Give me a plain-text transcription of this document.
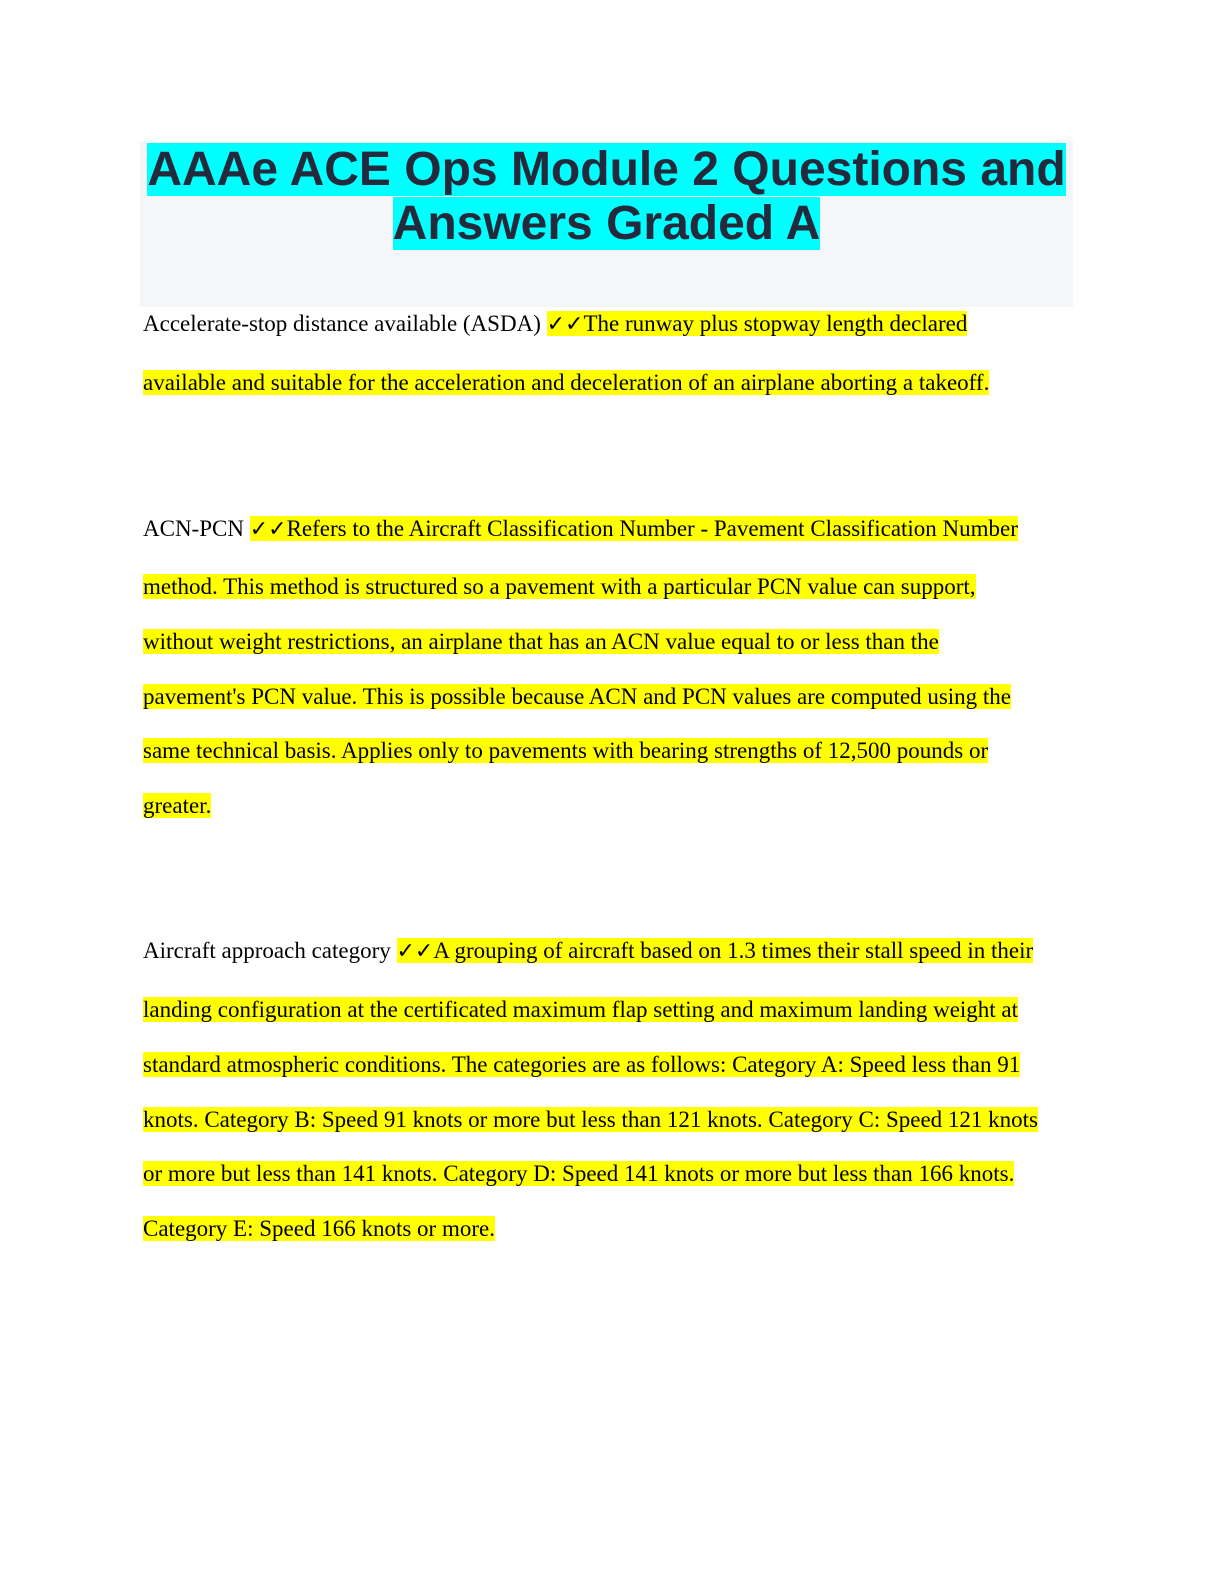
AAAe ACE Ops Module 2 Questions and
Answers Graded A
Accelerate-stop distance available (ASDA) ✓✓The runway plus stopway length declared
available and suitable for the acceleration and deceleration of an airplane aborting a takeoff.
ACN-PCN ✓✓Refers to the Aircraft Classification Number - Pavement Classification Number
method. This method is structured so a pavement with a particular PCN value can support,
without weight restrictions, an airplane that has an ACN value equal to or less than the
pavement's PCN value. This is possible because ACN and PCN values are computed using the
same technical basis. Applies only to pavements with bearing strengths of 12,500 pounds or
greater.
Aircraft approach category ✓✓A grouping of aircraft based on 1.3 times their stall speed in their
landing configuration at the certificated maximum flap setting and maximum landing weight at
standard atmospheric conditions. The categories are as follows: Category A: Speed less than 91
knots. Category B: Speed 91 knots or more but less than 121 knots. Category C: Speed 121 knots
or more but less than 141 knots. Category D: Speed 141 knots or more but less than 166 knots.
Category E: Speed 166 knots or more.
